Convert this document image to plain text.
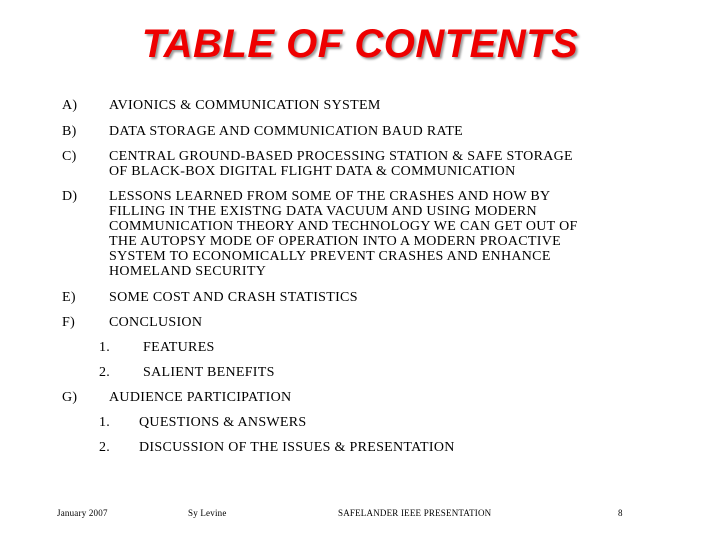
TABLE OF CONTENTS
A) AVIONICS & COMMUNICATION SYSTEM
B) DATA STORAGE AND COMMUNICATION BAUD RATE
C) CENTRAL GROUND-BASED PROCESSING STATION & SAFE STORAGE
OF BLACK-BOX DIGITAL FLIGHT DATA & COMMUNICATION
D) LESSONS LEARNED FROM SOME OF THE CRASHES AND HOW BY
FILLING IN THE EXISTNG DATA VACUUM AND USING MODERN
COMMUNICATION THEORY AND TECHNOLOGY WE CAN GET OUT OF
THE AUTOPSY MODE OF OPERATION INTO A MODERN PROACTIVE
SYSTEM TO ECONOMICALLY PREVENT CRASHES AND ENHANCE
HOMELAND SECURITY
E) SOME COST AND CRASH STATISTICS
F) CONCLUSION
1. FEATURES
2. SALIENT BENEFITS
G) AUDIENCE PARTICIPATION
1. QUESTIONS & ANSWERS
2. DISCUSSION OF THE ISSUES & PRESENTATION
January 2007	Sy Levine	SAFELANDER IEEE PRESENTATION	8
